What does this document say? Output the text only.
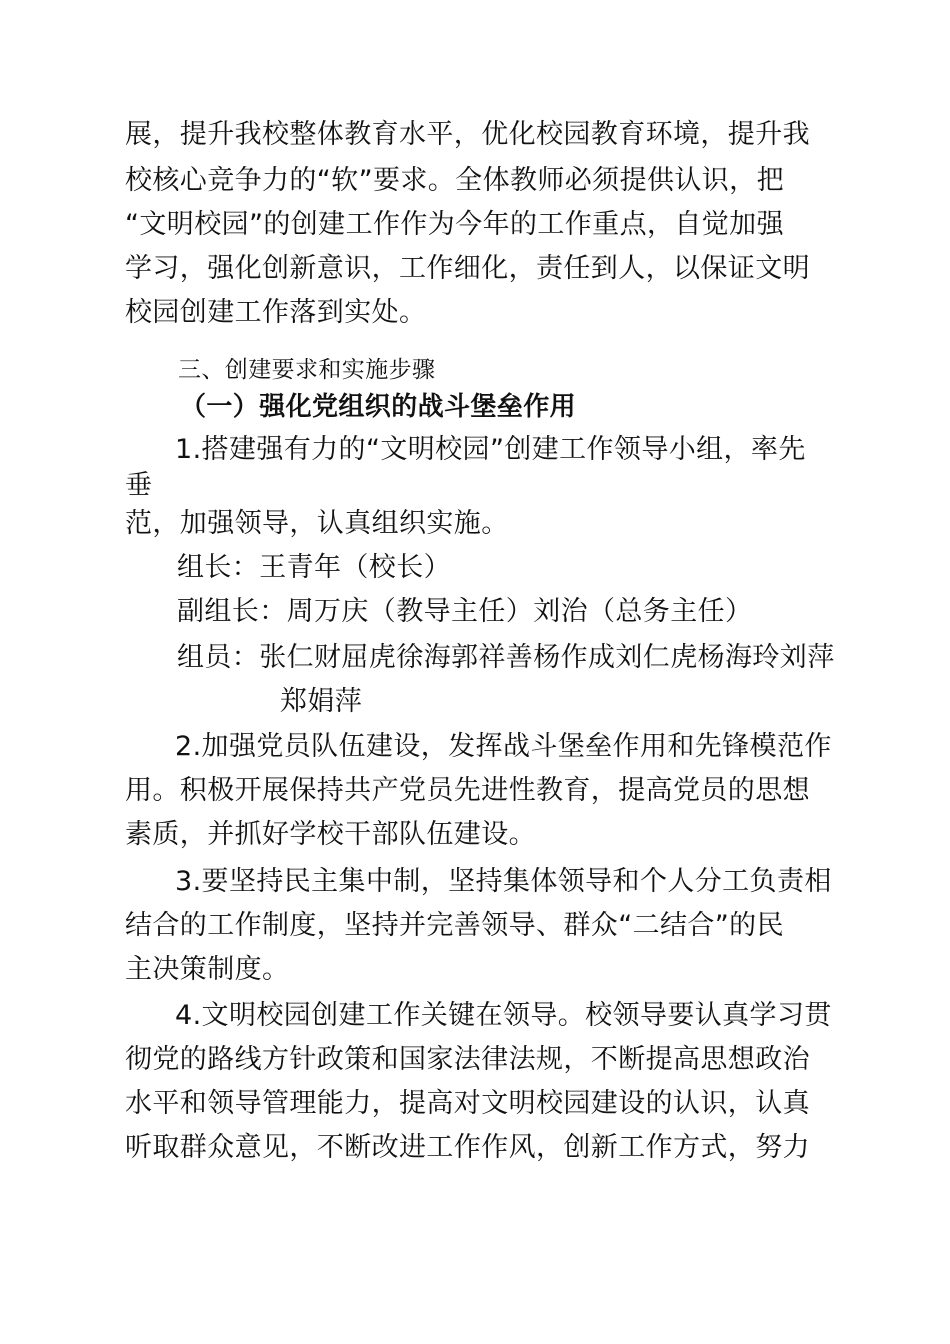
展，提升我校整体教育水平，优化校园教育环境，提升我
校核心竞争力的“软”要求。全体教师必须提供认识，把
“文明校园”的创建工作作为今年的工作重点，自觉加强
学习，强化创新意识，工作细化，责任到人，以保证文明
校园创建工作落到实处。
三、创建要求和实施步骤
（一）强化党组织的战斗堡垒作用
1.搭建强有力的“文明校园”创建工作领导小组，率先
垂
范，加强领导，认真组织实施。
组长：王青年（校长）
副组长：周万庆（教导主任）刘治（总务主任）
组员：张仁财屈虎徐海郭祥善杨作成刘仁虎杨海玲刘萍
郑娟萍
2.加强党员队伍建设，发挥战斗堡垒作用和先锋模范作
用。积极开展保持共产党员先进性教育，提高党员的思想
素质，并抓好学校干部队伍建设。
3.要坚持民主集中制，坚持集体领导和个人分工负责相
结合的工作制度，坚持并完善领导、群众“二结合”的民
主决策制度。
4.文明校园创建工作关键在领导。校领导要认真学习贯
彻党的路线方针政策和国家法律法规，不断提高思想政治
水平和领导管理能力，提高对文明校园建设的认识，认真
听取群众意见，不断改进工作作风，创新工作方式，努力
